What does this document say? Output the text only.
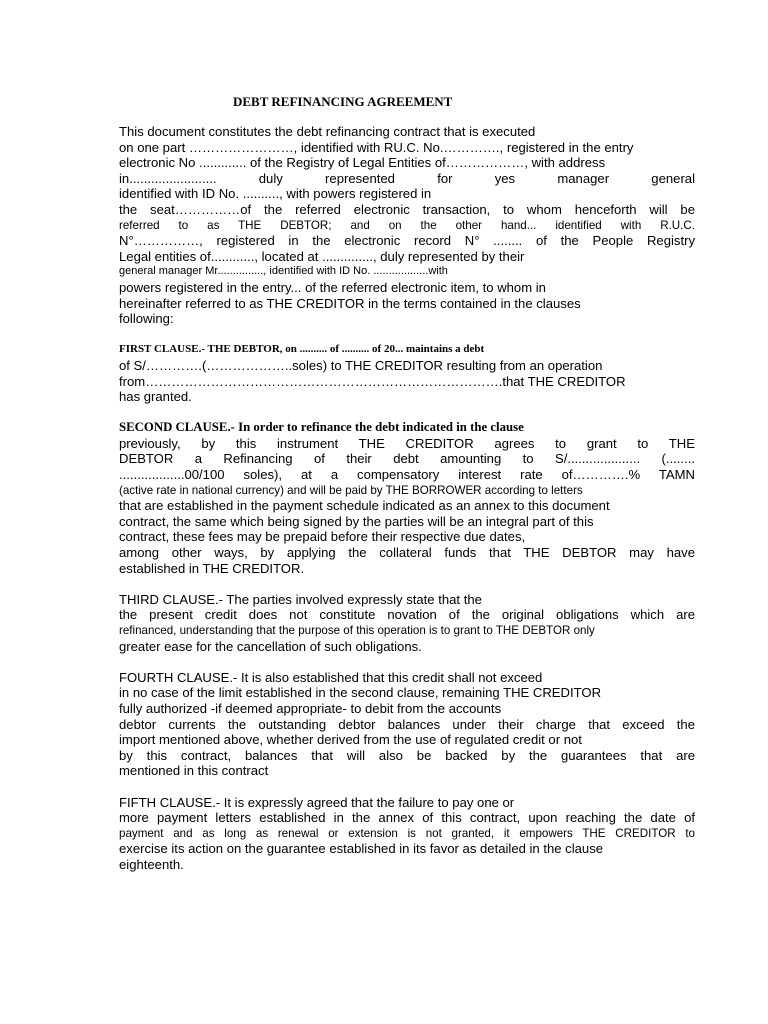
DEBT REFINANCING AGREEMENT
This document constitutes the debt refinancing contract that is executed
on one part ……………………, identified with RU.C. No.…………., registered in the entry
electronic No ............. of the Registry of Legal Entities of………………, with address
in........................ duly represented for yes manager general
identified with ID No. .........., with powers registered in
the seat……………of the referred electronic transaction, to whom henceforth will be
referred to as THE DEBTOR; and on the other hand... identified with R.U.C.
N°……………, registered in the electronic record N° ........ of the People Registry
Legal entities of............, located at .............., duly represented by their
general manager Mr..............., identified with ID No. ..................with
powers registered in the entry... of the referred electronic item, to whom in
hereinafter referred to as THE CREDITOR in the terms contained in the clauses
following:
FIRST CLAUSE.- THE DEBTOR, on .......... of .......... of 20... maintains a debt
of S/………….(………………..soles) to THE CREDITOR resulting from an operation
from……………………………………………………………………….that THE CREDITOR
has granted.
SECOND CLAUSE.- In order to refinance the debt indicated in the clause
previously, by this instrument THE CREDITOR agrees to grant to THE
DEBTOR a Refinancing of their debt amounting to S/.................... (........
..................00/100 soles), at a compensatory interest rate of………….% TAMN
(active rate in national currency) and will be paid by THE BORROWER according to letters
that are established in the payment schedule indicated as an annex to this document
contract, the same which being signed by the parties will be an integral part of this
contract, these fees may be prepaid before their respective due dates,
among other ways, by applying the collateral funds that THE DEBTOR may have
established in THE CREDITOR.
THIRD CLAUSE.- The parties involved expressly state that the
the present credit does not constitute novation of the original obligations which are
refinanced, understanding that the purpose of this operation is to grant to THE DEBTOR only
greater ease for the cancellation of such obligations.
FOURTH CLAUSE.- It is also established that this credit shall not exceed
in no case of the limit established in the second clause, remaining THE CREDITOR
fully authorized -if deemed appropriate- to debit from the accounts
debtor currents the outstanding debtor balances under their charge that exceed the
import mentioned above, whether derived from the use of regulated credit or not
by this contract, balances that will also be backed by the guarantees that are
mentioned in this contract
FIFTH CLAUSE.- It is expressly agreed that the failure to pay one or
more payment letters established in the annex of this contract, upon reaching the date of
payment and as long as renewal or extension is not granted, it empowers THE CREDITOR to
exercise its action on the guarantee established in its favor as detailed in the clause
eighteenth.
